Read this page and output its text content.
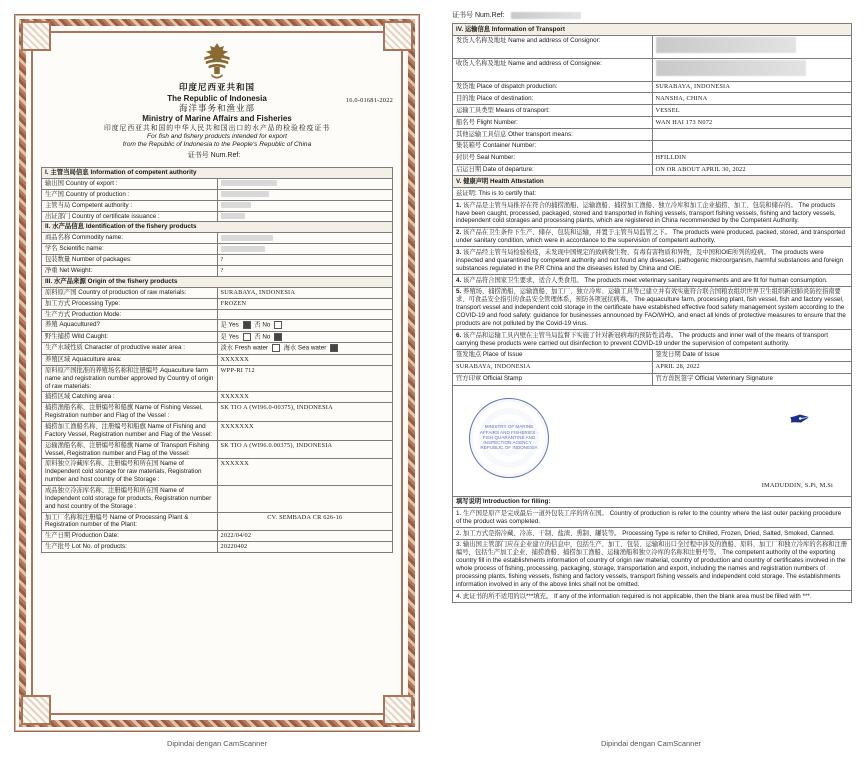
印度尼西亚共和国
The Republic of Indonesia
海洋事务和渔业部
Ministry of Marine Affairs and Fisheries
印度尼西亚共和国的中华人民共和国出口的水产品的检验检疫证书
For fish and fishery products intended for export
from the Republic of Indonesia to the People's Republic of China
证书号 Num.Ref:
16.0-01681-2022
I. 主管当局信息 Information of competent authority	
输出国 Country of export :	
生产国 Country of production :	
主管当局 Competent authority :	
出证部门 Country of certificate issuance :	
II. 水产品信息 Identification of the fishery products	
商品名称 Commodity name:	
学名 Scientific name:	
包装数量 Number of packages:	?
净重 Net Weight:	?
III. 水产品来源 Origin of the fishery products	
原料原产国 Country of production of raw materials:	SURABAYA, INDONESIA
加工方式 Processing Type:	FROZEN
生产方式 Production Mode:	
养殖 Aquacultured?	是 Yes  否 No
野生捕捞 Wild Caught:	是 Yes  否 No
生产水域性质 Character of productive water area :	淡水 Fresh water  海水 Sea water
养殖区域 Aquaculture area:	XXXXXX
原料原产国批准的养殖场名称和注册编号 Aquaculture farm name and registration number approved by Country of origin of raw materials:	WPP-RI 712
捕捞区域 Catching area :	XXXXXX
捕捞渔船名称、注册编号和船旗 Name of Fishing Vessel, Registration number and Flag of the Vessel :	SK TIO A (WI96.0-00375), INDONESIA
捕捞加工渔船名称、注册编号和船旗 Name of Fishing and Factory Vessel, Registration number and Flag of the Vessel:	XXXXXXX
运输渔船名称、注册编号和船旗 Name of Transport Fishing Vessel, Registration number and Flag of the Vessel:	SK TIO A (WI96.0.00375), INDONESIA
原料独立冷藏库名称、注册编号和所在国 Name of Independent cold storage for raw materials, Registration number and host country of the Storage :	XXXXXX
成品独立冷冻库名称、注册编号和所在国 Name of Independent cold storage for products, Registration number and host country of the Storage :	
加工厂名称和注册编号 Name of Processing Plant & Registration number of the Plant:	CV. SEMBADA CR 626-16
生产日期 Production Date:	2022/04/02
生产批号 Lot No. of products:	20220402
Dipindai dengan CamScanner
证书号 Num.Ref:
IV. 运输信息 Information of Transport	
发货人名称及地址 Name and address of Consignor:	
收货人名称及地址 Name and address of Consignee:	
发货地 Place of dispatch production:	SURABAYA, INDONESIA
目的地 Place of destination:	NANSHA, CHINA
运输工具类型 Means of transport:	VESSEL
船名号 Flight Number:	WAN HAI 173 N072
其他运输工具信息 Other transport means:	
集装箱号 Container Number:	
封识号 Seal Number:	HFILLDIN
启运日期 Date of departure:	ON OR ABOUT APRIL 30, 2022
V. 健康声明 Health Attestation	
兹证明: This is to certify that:	
1. 该产品是主管当局推荐在符合的捕捞渔船、运输渔船、捕捞加工渔船、独立冷库和加工企业捕捞、加工、包装和储存的。 The products have been caught, processed, packaged, stored and transported in fishing vessels, transport fishing vessels, fishing and factory vessels, independent cold storages and processing plants, which are registered in China recommended by the Competent Authority.	
2. 该产品在卫生条件下生产、储存、包装和运输，并置于主管当局监管之下。 The products were produced, packed, stored, and transported under sanitary condition, which were in accordance to the supervision of competent authority.	
3. 该产品经主管当局检验检疫，未发现中国规定的致病微生物、有毒有害物质和异物，及中国和OIE所列的疫病。 The products were inspected and quarantined by competent authority and not found any diseases, pathogenic microorganism, harmful substances and foreign substances regulated in the P.R China and the diseases listed by China and OIE.	
4. 该产品符合国家卫生要求，适合人类食用。 The products meet veterinary sanitary requirements and are fit for human consumption.	
5. 养殖场、捕捞渔船、运输渔船、加工厂、独立冷库、运输工具等已建立并有效实施符合联合国粮农组织世界卫生组织新冠肺炎防控指南要求、可食品安全指引的食品安全管理体系，预防各项冠状病毒。 The aquaculture farm, processing plant, fish vessel, fish and factory vessel, transport vessel and independent cold storage in the certificate have established effective food safety management system according to the COVID-19 and food safety: guidance for businesses announced by FAO/WHO, and enact all kinds of protective measures to ensure that the products are not polluted by the Covid-19 virus.	
6. 该产品和运输工具内壁在主管当局监督下实施了针对新冠病毒的预防性消毒。 The products and inner wall of the means of transport carrying these products were carried out disinfection to prevent COVID-19 under the supervision of competent authority.	
签发地点 Place of Issue	签发日期 Date of Issue
SURABAYA, INDONESIA	APRIL 28, 2022
官方印章 Official Stamp	官方兽医签字 Official Veterinary Signature

MINISTRY OF MARINE AFFAIRS AND FISHERIES · FISH QUARANTINE AND INSPECTION AGENCY · REPUBLIC OF INDONESIA
✒︎
IMADUDDIN, S.Pi, M.Si	

填写说明 Introduction for filling:	
1. 生产国是原产是完成最后一道外包装工序的所在国。 Country of production is refer to the country where the last outer packing procedure of the product was completed.	
2. 加工方式是指冷藏、冷冻、干制、盐渍、熏制、罐装等。 Processing Type is refer to Chilled, Frozen, Dried, Salted, Smoked, Canned.	
3. 输出国主管部门应在企业建立的信息中，包括生产、加工、包装、运输和出口全过程中涉及的渔船、原料、加工厂和独立冷库的名称和注册编号，包括生产加工企业、捕捞渔船、捕捞加工渔船、运输渔船和独立冷库的名称和注册号等。 The competent authority of the exporting country fill in the establishments information of country of origin raw material, country of production and country of certificates involved in the whole process of fishing, processing, packaging, storage, transportation and export, including the names and registration numbers of processing plants, fishing vessels, fishing and factory vessels, transport fishing vessels and independent cold storage. The establishments information involved in any of the above links shall not be omitted.	
4. 此证书的所不适用的以***填充。 If any of the information required is not applicable, then the blank area must be filled with ***.	
Dipindai dengan CamScanner
